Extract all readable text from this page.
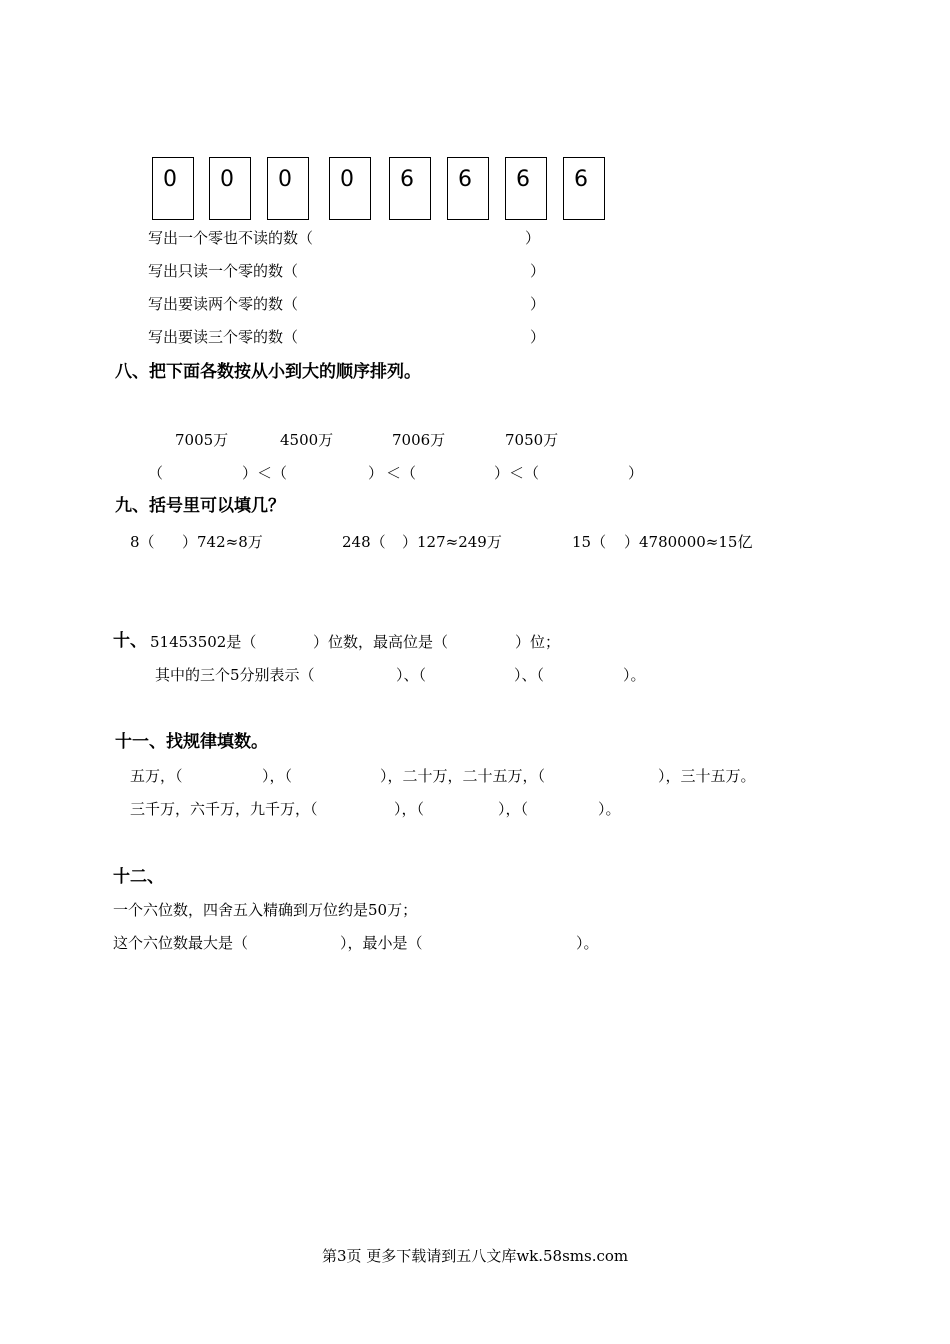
0 0 0 0 6 6 6 6
写出一个零也不读的数（	）
写出只读一个零的数（	）
写出要读两个零的数（	）
写出要读三个零的数（	）
八、把下面各数按从小到大的顺序排列。
7005万	4500万	7006万	7050万
（	）＜（	） ＜（	）＜（	）
九、括号里可以填几？
8（ ）742≈8万	248（ ）127≈249万	15（ ）4780000≈15亿
十、 51453502是（	）位数，最高位是（	）位；
其中的三个5分别表示（	）、（	）、（	）。
十一、找规律填数。
五万，（	），（	），二十万，二十五万，（	），三十五万。
三千万，六千万，九千万，（	），（	），（	）。
十二、
一个六位数，四舍五入精确到万位约是50万；
这个六位数最大是（	），最小是（	）。
第3页 更多下载请到五八文库wk.58sms.com
